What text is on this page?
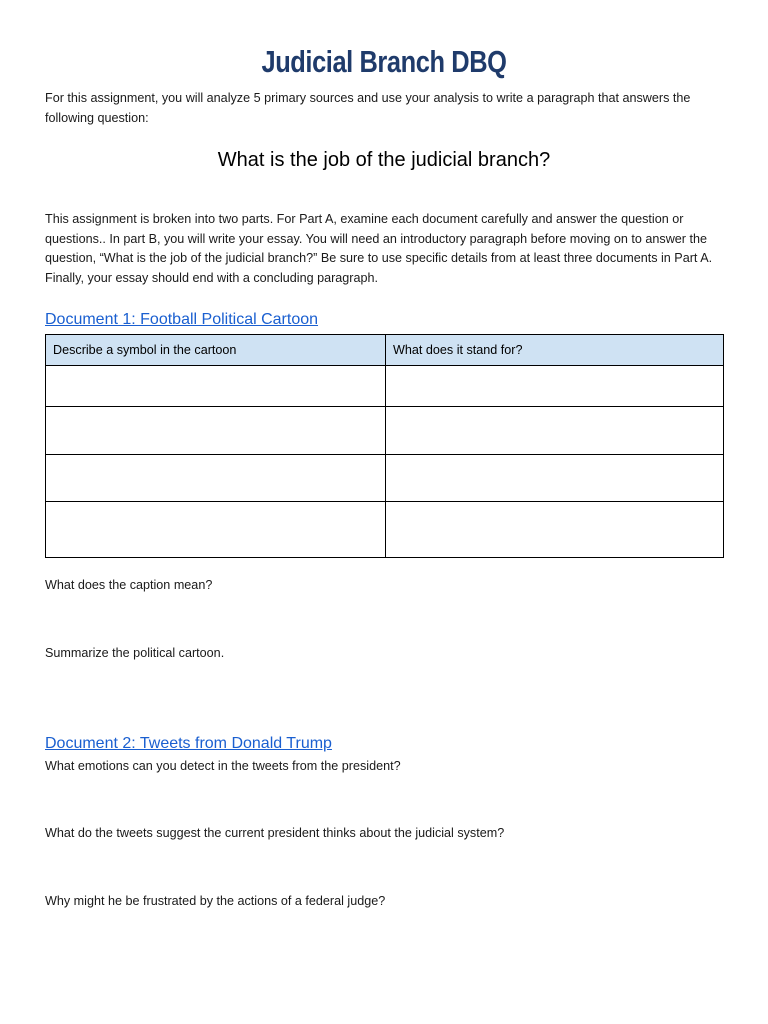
Judicial Branch DBQ
For this assignment, you will analyze 5 primary sources and use your analysis to write a paragraph that answers the following question:
What is the job of the judicial branch?
This assignment is broken into two parts. For Part A, examine each document carefully and answer the question or questions.. In part B, you will write your essay. You will need an introductory paragraph before moving on to answer the question, “What is the job of the judicial branch?” Be sure to use specific details from at least three documents in Part A. Finally, your essay should end with a concluding paragraph.
Document 1: Football Political Cartoon
Describe a symbol in the cartoon	What does it stand for?

What does the caption mean?
Summarize the political cartoon.
Document 2: Tweets from Donald Trump
What emotions can you detect in the tweets from the president?
What do the tweets suggest the current president thinks about the judicial system?
Why might he be frustrated by the actions of a federal judge?
